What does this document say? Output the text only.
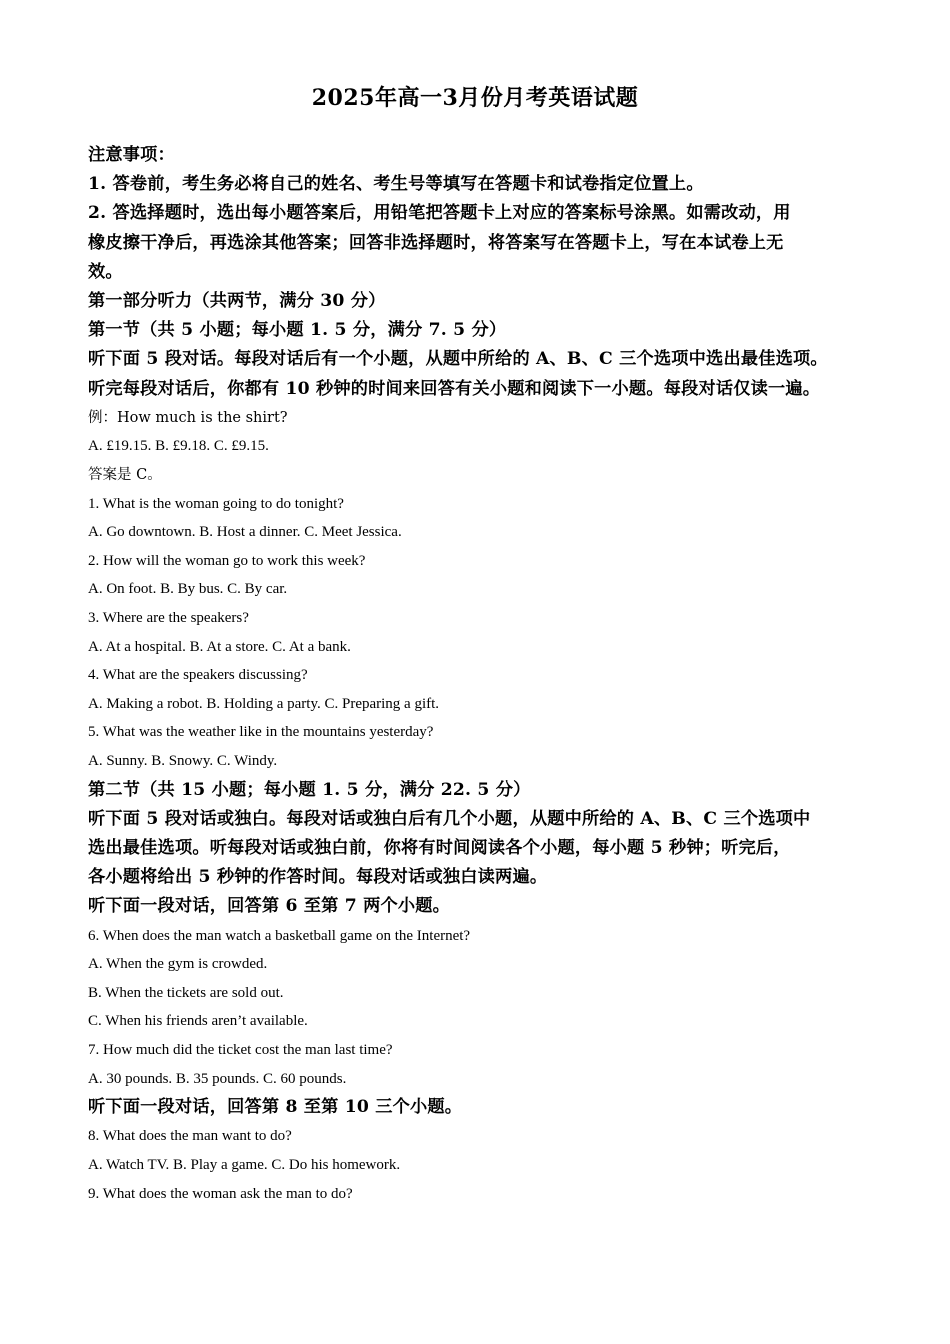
2025年高一3月份月考英语试题
注意事项：
1. 答卷前，考生务必将自己的姓名、考生号等填写在答题卡和试卷指定位置上。
2. 答选择题时，选出每小题答案后，用铅笔把答题卡上对应的答案标号涂黑。如需改动，用
橡皮擦干净后，再选涂其他答案；回答非选择题时，将答案写在答题卡上，写在本试卷上无
效。
第一部分听力（共两节，满分 30 分）
第一节（共 5 小题；每小题 1. 5 分，满分 7. 5 分）
听下面 5 段对话。每段对话后有一个小题，从题中所给的 A、B、C 三个选项中选出最佳选项。
听完每段对话后，你都有 10 秒钟的时间来回答有关小题和阅读下一小题。每段对话仅读一遍。
例：How much is the shirt?
A. £19.15. B. £9.18. C. £9.15.
答案是 C。
1. What is the woman going to do tonight?
A. Go downtown. B. Host a dinner. C. Meet Jessica.
2. How will the woman go to work this week?
A. On foot. B. By bus. C. By car.
3. Where are the speakers?
A. At a hospital. B. At a store. C. At a bank.
4. What are the speakers discussing?
A. Making a robot. B. Holding a party. C. Preparing a gift.
5. What was the weather like in the mountains yesterday?
A. Sunny. B. Snowy. C. Windy.
第二节（共 15 小题；每小题 1. 5 分，满分 22. 5 分）
听下面 5 段对话或独白。每段对话或独白后有几个小题，从题中所给的 A、B、C 三个选项中
选出最佳选项。听每段对话或独白前，你将有时间阅读各个小题，每小题 5 秒钟；听完后，
各小题将给出 5 秒钟的作答时间。每段对话或独白读两遍。
听下面一段对话，回答第 6 至第 7 两个小题。
6. When does the man watch a basketball game on the Internet?
A. When the gym is crowded.
B. When the tickets are sold out.
C. When his friends aren’t available.
7. How much did the ticket cost the man last time?
A. 30 pounds. B. 35 pounds. C. 60 pounds.
听下面一段对话，回答第 8 至第 10 三个小题。
8. What does the man want to do?
A. Watch TV. B. Play a game. C. Do his homework.
9. What does the woman ask the man to do?
